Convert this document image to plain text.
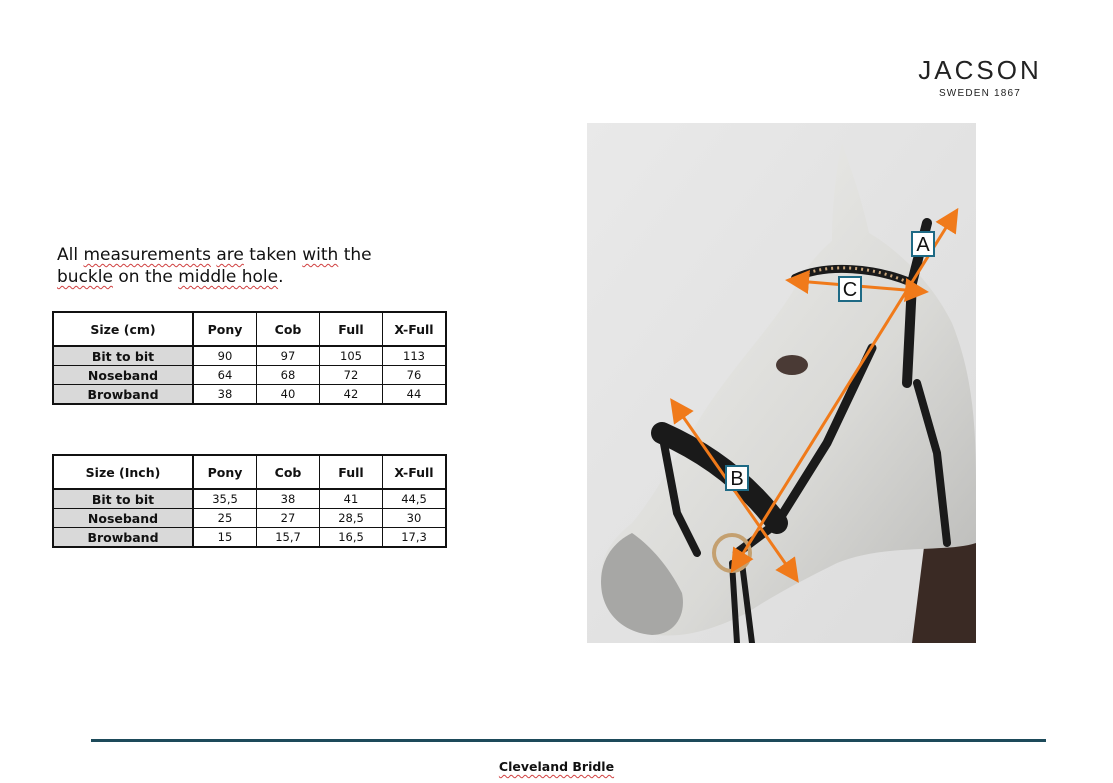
JACSON
SWEDEN 1867
All measurements are taken with the
buckle on the middle hole.
Size (cm)	Pony	Cob	Full	X-Full
Bit to bit	90	97	105	113
Noseband	64	68	72	76
Browband	38	40	42	44
Size (Inch)	Pony	Cob	Full	X-Full
Bit to bit	35,5	38	41	44,5
Noseband	25	27	28,5	30
Browband	15	15,7	16,5	17,3
A
B
C
Cleveland Bridle
